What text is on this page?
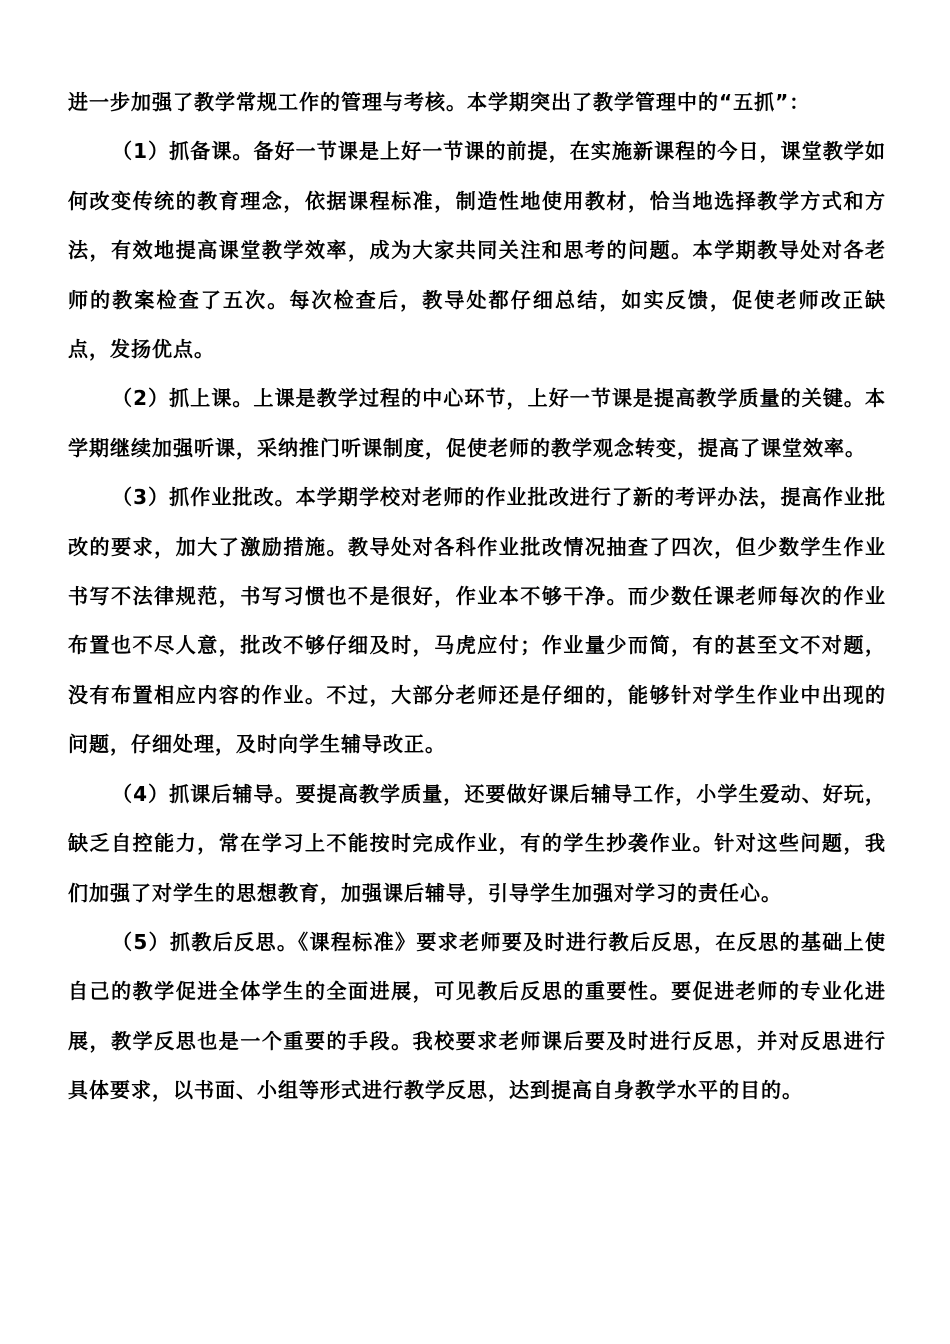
进一步加强了教学常规工作的管理与考核。本学期突出了教学管理中的“五抓”：

（1）抓备课。备好一节课是上好一节课的前提，在实施新课程的今日，课堂教学如何改变传统的教育理念，依据课程标准，制造性地使用教材，恰当地选择教学方式和方法，有效地提高课堂教学效率，成为大家共同关注和思考的问题。本学期教导处对各老师的教案检查了五次。每次检查后，教导处都仔细总结，如实反馈，促使老师改正缺点，发扬优点。

（2）抓上课。上课是教学过程的中心环节，上好一节课是提高教学质量的关键。本学期继续加强听课，采纳推门听课制度，促使老师的教学观念转变，提高了课堂效率。

（3）抓作业批改。本学期学校对老师的作业批改进行了新的考评办法，提高作业批改的要求，加大了激励措施。教导处对各科作业批改情况抽查了四次，但少数学生作业书写不法律规范，书写习惯也不是很好，作业本不够干净。而少数任课老师每次的作业布置也不尽人意，批改不够仔细及时，马虎应付；作业量少而简，有的甚至文不对题，没有布置相应内容的作业。不过，大部分老师还是仔细的，能够针对学生作业中出现的问题，仔细处理，及时向学生辅导改正。

（4）抓课后辅导。要提高教学质量，还要做好课后辅导工作，小学生爱动、好玩，缺乏自控能力，常在学习上不能按时完成作业，有的学生抄袭作业。针对这些问题，我们加强了对学生的思想教育，加强课后辅导，引导学生加强对学习的责任心。

（5）抓教后反思。《课程标准》要求老师要及时进行教后反思，在反思的基础上使自己的教学促进全体学生的全面进展，可见教后反思的重要性。要促进老师的专业化进展，教学反思也是一个重要的手段。我校要求老师课后要及时进行反思，并对反思进行具体要求，以书面、小组等形式进行教学反思，达到提高自身教学水平的目的。
